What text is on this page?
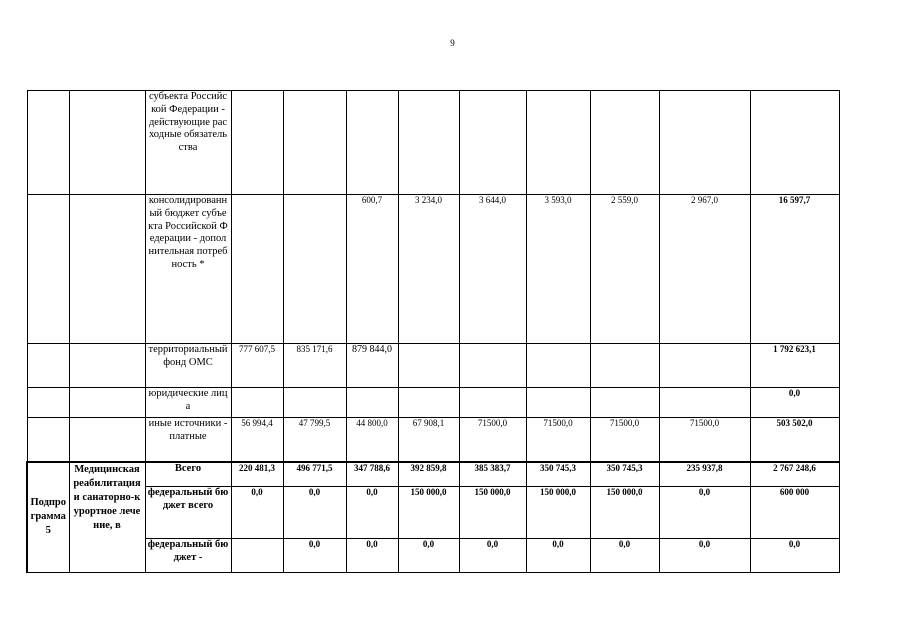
9
		субъекта Российской Федерации - действующие расходные обязательства									
		консолидированный бюджет субъекта Российской Федерации - дополнительная потребность *			600,7	3 234,0	3 644,0	3 593,0	2 559,0	2 967,0	16 597,7
		территориальный фонд ОМС	777 607,5	835 171,6	879 844,0						1 792 623,1
		юридические лица									0,0
		иные источники - платные	56 994,4	47 799,5	44 800,0	67 908,1	71500,0	71500,0	71500,0	71500,0	503 502,0
Подпрограмма 5	Медицинская реабилитация и санаторно-курортное лечение, в	Всего	220 481,3	496 771,5	347 788,6	392 859,8	385 383,7	350 745,3	350 745,3	235 937,8	2 767 248,6
		федеральный бюджет всего	0,0	0,0	0,0	150 000,0	150 000,0	150 000,0	150 000,0	0,0	600 000
		федеральный бюджет -		0,0	0,0	0,0	0,0	0,0	0,0	0,0	0,0
